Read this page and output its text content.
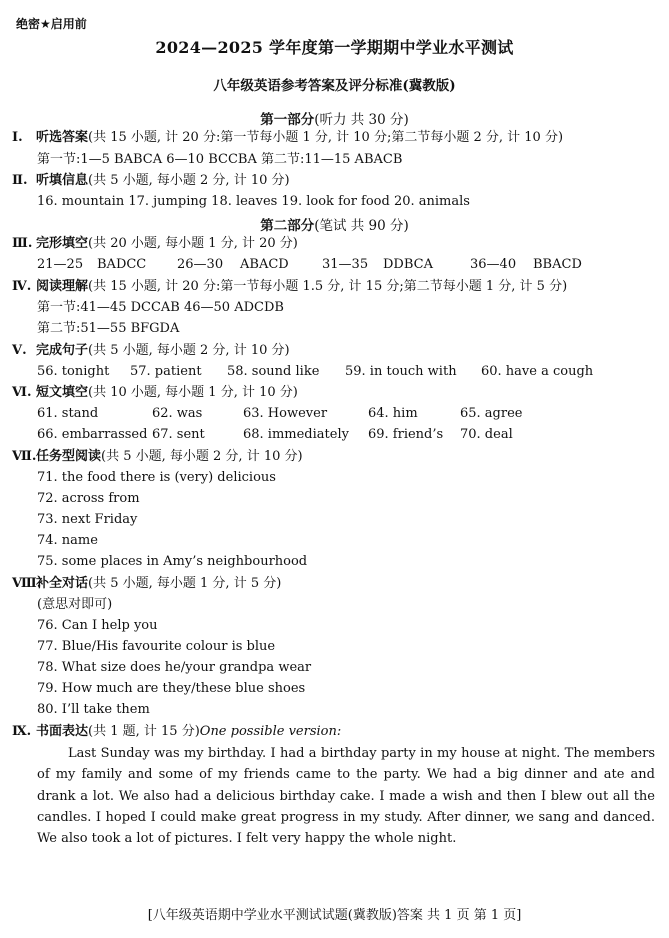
绝密★启用前
2024—2025 学年度第一学期期中学业水平测试
八年级英语参考答案及评分标准(冀教版)
第一部分(听力 共 30 分)
Ⅰ. 听选答案(共 15 小题, 计 20 分:第一节每小题 1 分, 计 10 分;第二节每小题 2 分, 计 10 分)
第一节:1—5 BABCA 6—10 BCCBA 第二节:11—15 ABACB
Ⅱ. 听填信息(共 5 小题, 每小题 2 分, 计 10 分)
16. mountain 17. jumping 18. leaves 19. look for food 20. animals
第二部分(笔试 共 90 分)
Ⅲ. 完形填空(共 20 小题, 每小题 1 分, 计 20 分)
21—25 BADCC 26—30 ABACD	31—35 DDBCA	36—40 BBACD
Ⅳ. 阅读理解(共 15 小题, 计 20 分:第一节每小题 1.5 分, 计 15 分;第二节每小题 1 分, 计 5 分)
第一节:41—45 DCCAB 46—50 ADCDB
第二节:51—55 BFGDA
Ⅴ. 完成句子(共 5 小题, 每小题 2 分, 计 10 分)
56. tonight 57. patient 58. sound like 59. in touch with 60. have a cough
Ⅵ. 短文填空(共 10 小题, 每小题 1 分, 计 10 分)
61. stand	62. was	63. However	64. him	65. agree
66. embarrassed 67. sent	68. immediately 69. friend’s 70. deal
Ⅶ.任务型阅读(共 5 小题, 每小题 2 分, 计 10 分)
71. the food there is (very) delicious
72. across from
73. next Friday
74. name
75. some places in Amy’s neighbourhood
Ⅷ.补全对话(共 5 小题, 每小题 1 分, 计 5 分)
(意思对即可)
76. Can I help you
77. Blue/His favourite colour is blue
78. What size does he/your grandpa wear
79. How much are they/these blue shoes
80. I’ll take them
Ⅸ. 书面表达(共 1 题, 计 15 分)One possible version:
Last Sunday was my birthday. I had a birthday party in my house at night. The members of my family and some of my friends came to the party. We had a big dinner and ate and drank a lot. We also had a delicious birthday cake. I made a wish and then I blew out all the candles. I hoped I could make great progress in my study. After dinner, we sang and danced. We also took a lot of pictures. I felt very happy the whole night.
[八年级英语期中学业水平测试试题(冀教版)答案 共 1 页 第 1 页]
